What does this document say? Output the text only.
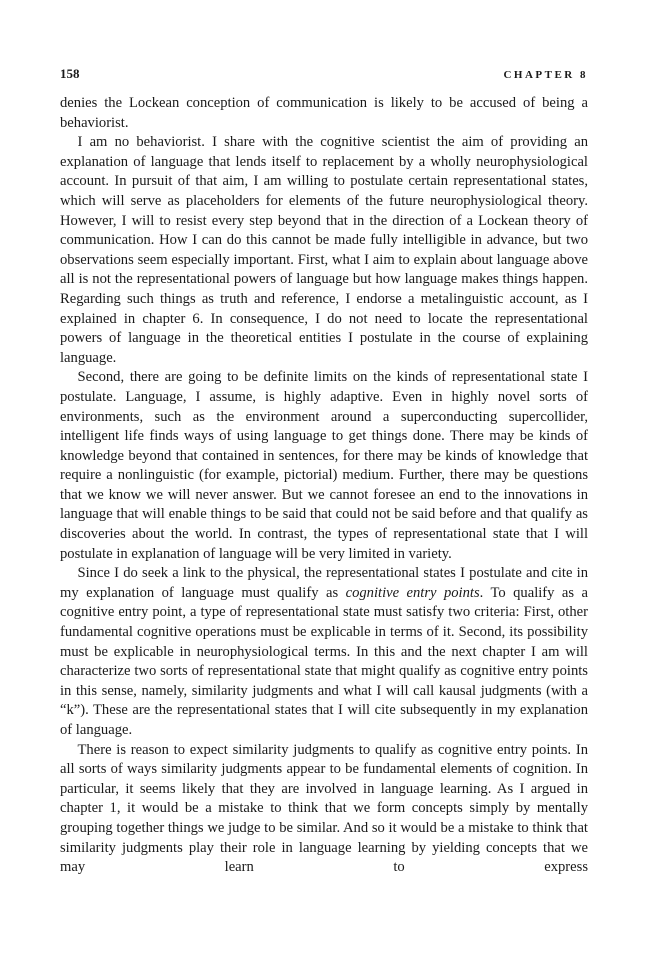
158	CHAPTER 8

denies the Lockean conception of communication is likely to be accused of being a behaviorist.

I am no behaviorist. I share with the cognitive scientist the aim of providing an explanation of language that lends itself to replacement by a wholly neurophysiological account. In pursuit of that aim, I am willing to postulate certain representational states, which will serve as placeholders for elements of the future neurophysiological theory. However, I will to resist every step beyond that in the direction of a Lockean theory of communication. How I can do this cannot be made fully intelligible in advance, but two observations seem especially important. First, what I aim to explain about language above all is not the representational powers of language but how language makes things happen. Regarding such things as truth and reference, I endorse a metalinguistic account, as I explained in chapter 6. In consequence, I do not need to locate the representational powers of language in the theoretical entities I postulate in the course of explaining language.

Second, there are going to be definite limits on the kinds of representational state I postulate. Language, I assume, is highly adaptive. Even in highly novel sorts of environments, such as the environment around a superconducting supercollider, intelligent life finds ways of using language to get things done. There may be kinds of knowledge beyond that contained in sentences, for there may be kinds of knowledge that require a nonlinguistic (for example, pictorial) medium. Further, there may be questions that we know we will never answer. But we cannot foresee an end to the innovations in language that will enable things to be said that could not be said before and that qualify as discoveries about the world. In contrast, the types of representational state that I will postulate in explanation of language will be very limited in variety.

Since I do seek a link to the physical, the representational states I postulate and cite in my explanation of language must qualify as cognitive entry points. To qualify as a cognitive entry point, a type of representational state must satisfy two criteria: First, other fundamental cognitive operations must be explicable in terms of it. Second, its possibility must be explicable in neurophysiological terms. In this and the next chapter I am will characterize two sorts of representational state that might qualify as cognitive entry points in this sense, namely, similarity judgments and what I will call kausal judgments (with a “k”). These are the representational states that I will cite subsequently in my explanation of language.

There is reason to expect similarity judgments to qualify as cognitive entry points. In all sorts of ways similarity judgments appear to be fundamental elements of cognition. In particular, it seems likely that they are involved in language learning. As I argued in chapter 1, it would be a mistake to think that we form concepts simply by mentally grouping together things we judge to be similar. And so it would be a mistake to think that similarity judgments play their role in language learning by yielding concepts that we may learn to express
